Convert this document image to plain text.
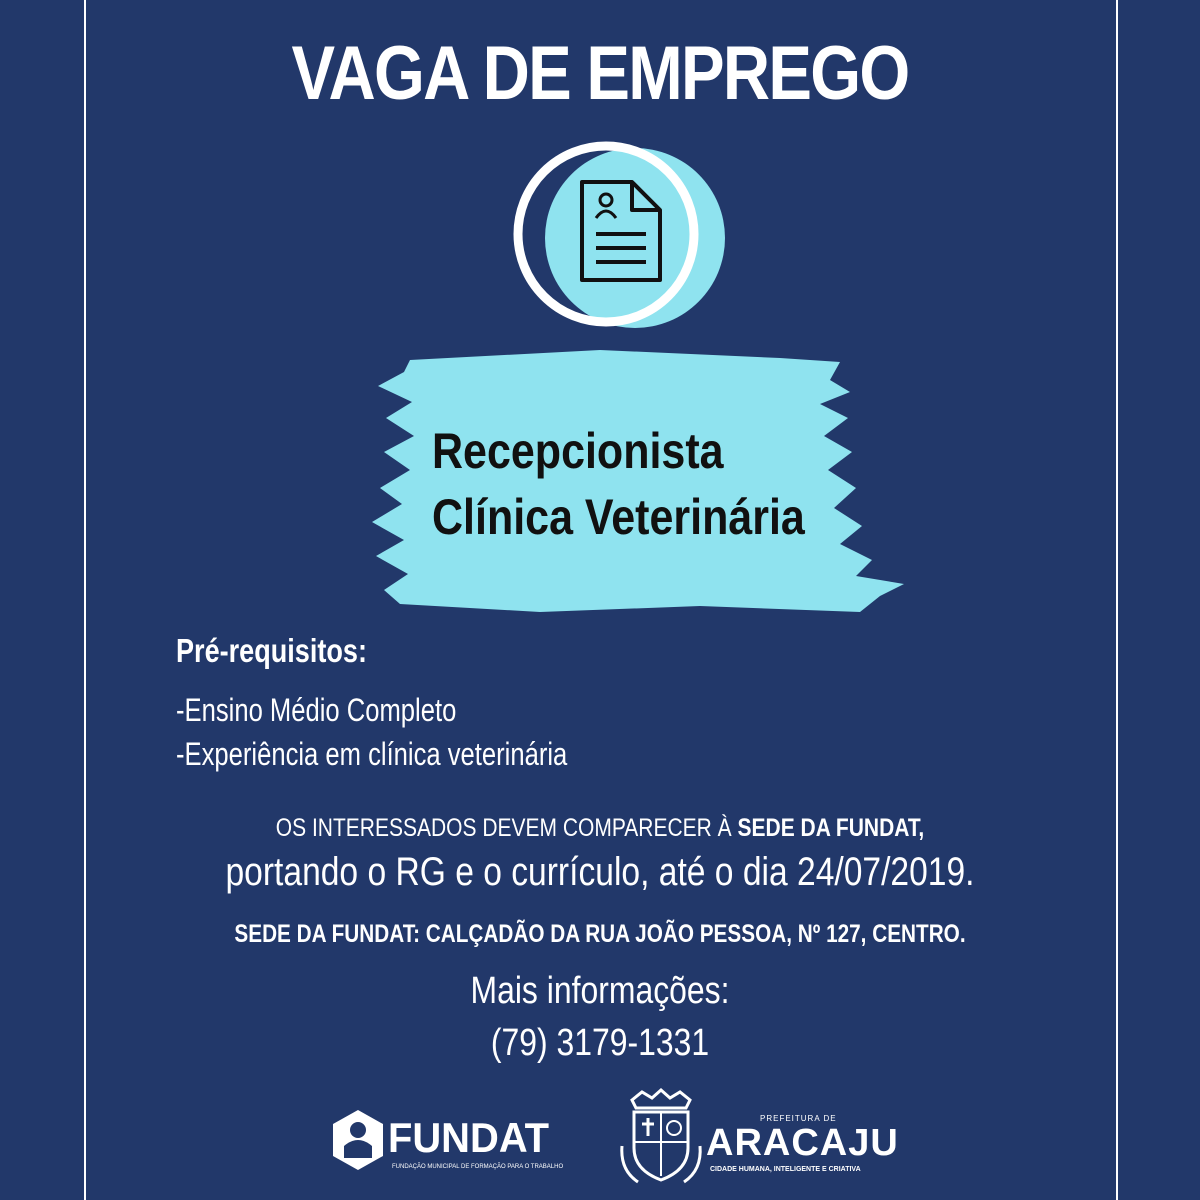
VAGA DE EMPREGO
Recepcionista
Clínica Veterinária
Pré-requisitos:
-Ensino Médio Completo
-Experiência em clínica veterinária
OS INTERESSADOS DEVEM COMPARECER À SEDE DA FUNDAT,
portando o RG e o currículo, até o dia 24/07/2019.
SEDE DA FUNDAT: CALÇADÃO DA RUA JOÃO PESSOA, Nº 127, CENTRO.
Mais informações:
(79) 3179-1331
FUNDAT
FUNDAÇÃO MUNICIPAL DE FORMAÇÃO PARA O TRABALHO
PREFEITURA DE
ARACAJU
CIDADE HUMANA, INTELIGENTE E CRIATIVA
